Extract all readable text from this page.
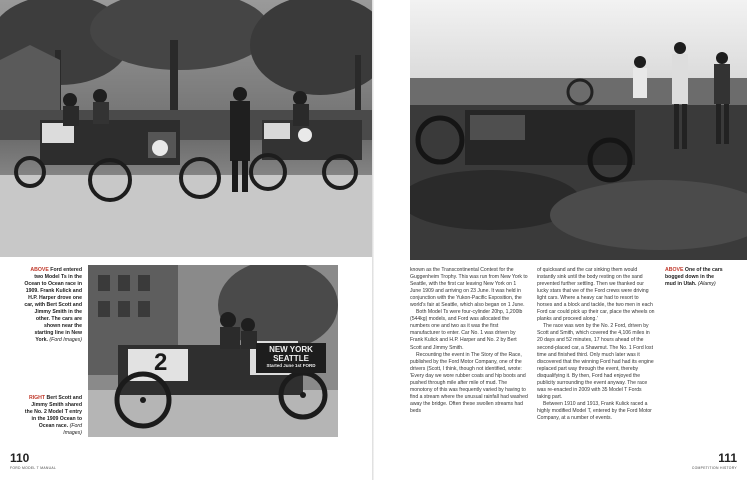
ABOVE Ford entered two Model Ts in the Ocean to Ocean race in 1909. Frank Kulick and H.P. Harper drove one car, with Bert Scott and Jimmy Smith in the other. The cars are shown near the starting line in New York. (Ford Images)
NEW YORK
SEATTLE
Started June 1st FORD
2
RIGHT Bert Scott and Jimmy Smith shared the No. 2 Model T entry in the 1909 Ocean to Ocean race. (Ford Images)
110
FORD MODEL T MANUAL

known as the Transcontinental Contest for the Guggenheim Trophy. This was run from New York to Seattle, with the first car leaving New York on 1 June 1909 and arriving on 23 June. It was held in conjunction with the Yukon-Pacific Exposition, the world's fair at Seattle, which also began on 1 June.

Both Model Ts were four-cylinder 20hp, 1,200lb (544kg) models, and Ford was allocated the numbers one and two as it was the first manufacturer to enter. Car No. 1 was driven by Frank Kulick and H.P. Harper and No. 2 by Bert Scott and Jimmy Smith.

Recounting the event in The Story of the Race, published by the Ford Motor Company, one of the drivers (Scott, I think, though not identified, wrote: 'Every day we wore rubber coats and hip boots and pushed through mile after mile of mud. The monotony of this was frequently varied by having to find a stream where the unusual rainfall had washed away the bridge. Often these swollen streams had beds

of quicksand and the car sinking them would instantly sink until the body resting on the sand prevented further settling. Then we thanked our lucky stars that we of the Ford crews were driving light cars. Where a heavy car had to resort to horses and a block and tackle, the two men in each Ford car could pick up their car, place the wheels on planks and proceed along.'

The race was won by the No. 2 Ford, driven by Scott and Smith, which covered the 4,106 miles in 20 days and 52 minutes, 17 hours ahead of the second-placed car, a Shawmut. The No. 1 Ford lost time and finished third. Only much later was it discovered that the winning Ford had had its engine replaced part way through the event, thereby disqualifying it. By then, Ford had enjoyed the publicity surrounding the event anyway. The race was re-enacted in 2009 with 35 Model T Fords taking part.

Between 1910 and 1913, Frank Kulick raced a highly modified Model T, entered by the Ford Motor Company, at a number of events.

ABOVE One of the cars bogged down in the mud in Utah. (Alamy)
111
COMPETITION HISTORY
